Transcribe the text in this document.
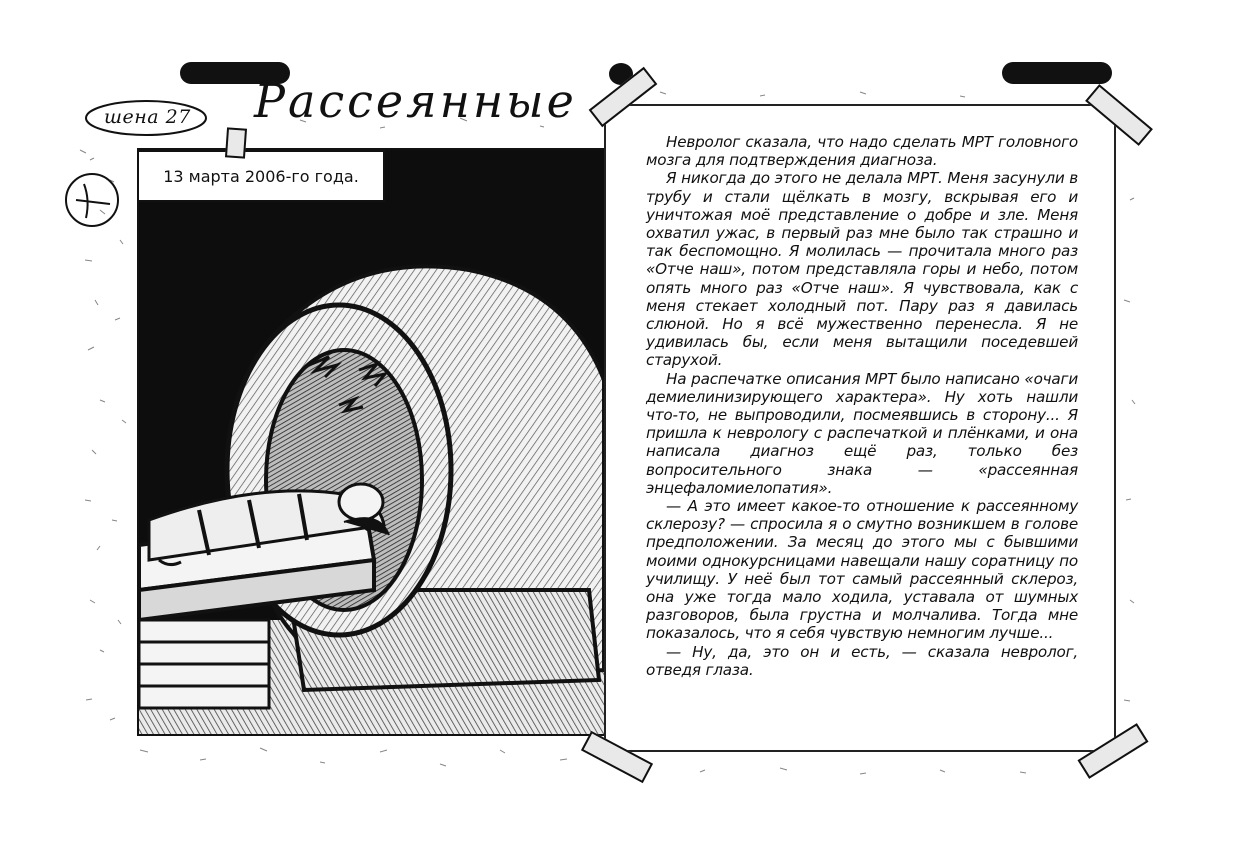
шена 27 Рассеянные
13 марта 2006-го года.

Невролог сказала, что надо сделать МРТ головного мозга для подтверждения диагноза.

Я никогда до этого не делала МРТ. Меня засунули в трубу и стали щёлкать в мозгу, вскрывая его и уничтожая моё представление о добре и зле. Меня охватил ужас, в первый раз мне было так страшно и так беспомощно. Я молилась — прочитала много раз «Отче наш», потом представляла горы и небо, потом опять много раз «Отче наш». Я чувствовала, как с меня стекает холодный пот. Пару раз я давилась слюной. Но я всё мужественно перенесла. Я не удивилась бы, если меня вытащили поседевшей старухой.

На распечатке описания МРТ было написано «очаги демиелинизирующего характера». Ну хоть нашли что-то, не выпроводили, посмеявшись в сторону... Я пришла к неврологу с распечаткой и плёнками, и она написала диагноз ещё раз, только без вопросительного знака — «рассеянная энцефаломиелопатия».

— А это имеет какое-то отношение к рассеянному склерозу? — спросила я о смутно возникшем в голове предположении. За месяц до этого мы с бывшими моими однокурсницами навещали нашу соратницу по училищу. У неё был тот самый рассеянный склероз, она уже тогда мало ходила, уставала от шумных разговоров, была грустна и молчалива. Тогда мне показалось, что я себя чувствую немногим лучше...

— Ну, да, это он и есть, — сказала невролог, отведя глаза.
